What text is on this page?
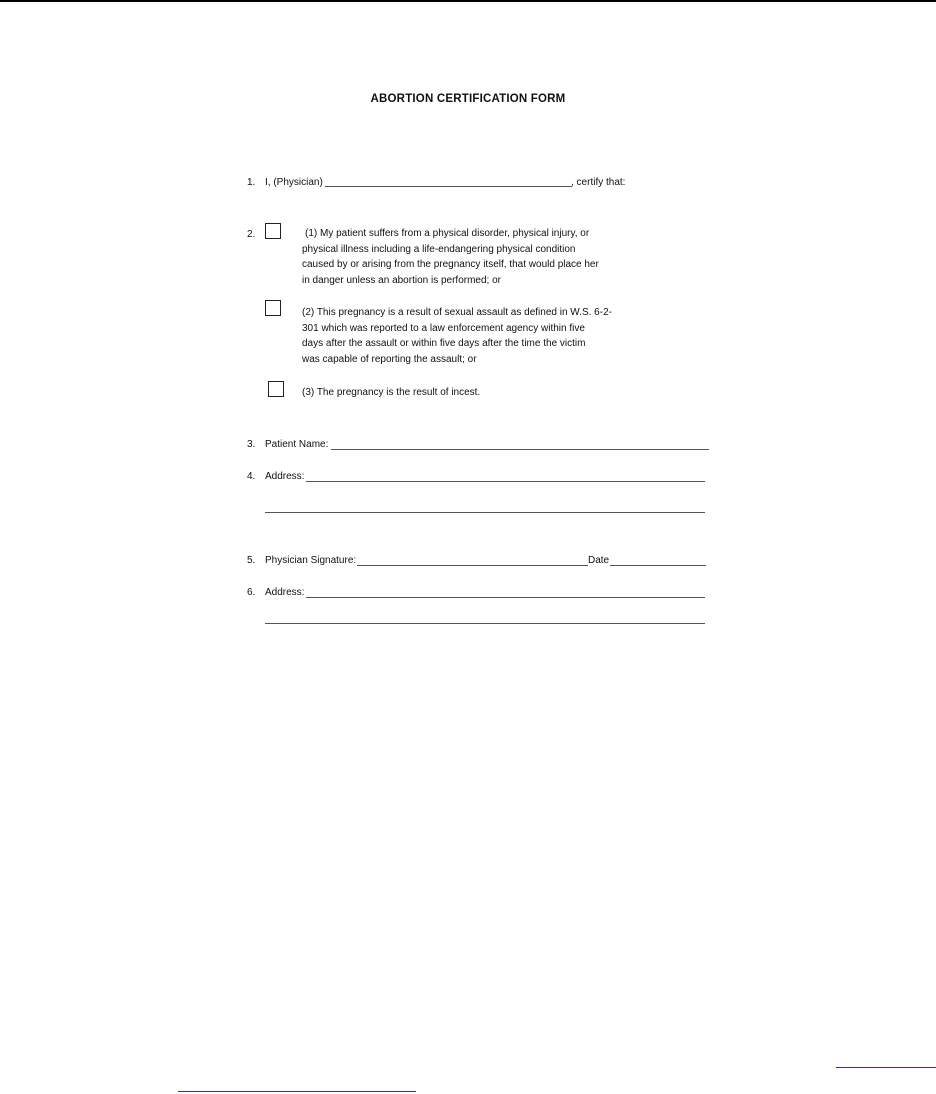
ABORTION CERTIFICATION FORM
1. I, (Physician)	, certify that:
2.	(1) My patient suffers from a physical disorder, physical injury, or
physical illness including a life-endangering physical condition
caused by or arising from the pregnancy itself, that would place her
in danger unless an abortion is performed; or
(2) This pregnancy is a result of sexual assault as defined in W.S. 6-2-
301 which was reported to a law enforcement agency within five
days after the assault or within five days after the time the victim
was capable of reporting the assault; or
(3) The pregnancy is the result of incest.
3. Patient Name:
4. Address:
5. Physician Signature:	Date
6. Address:
